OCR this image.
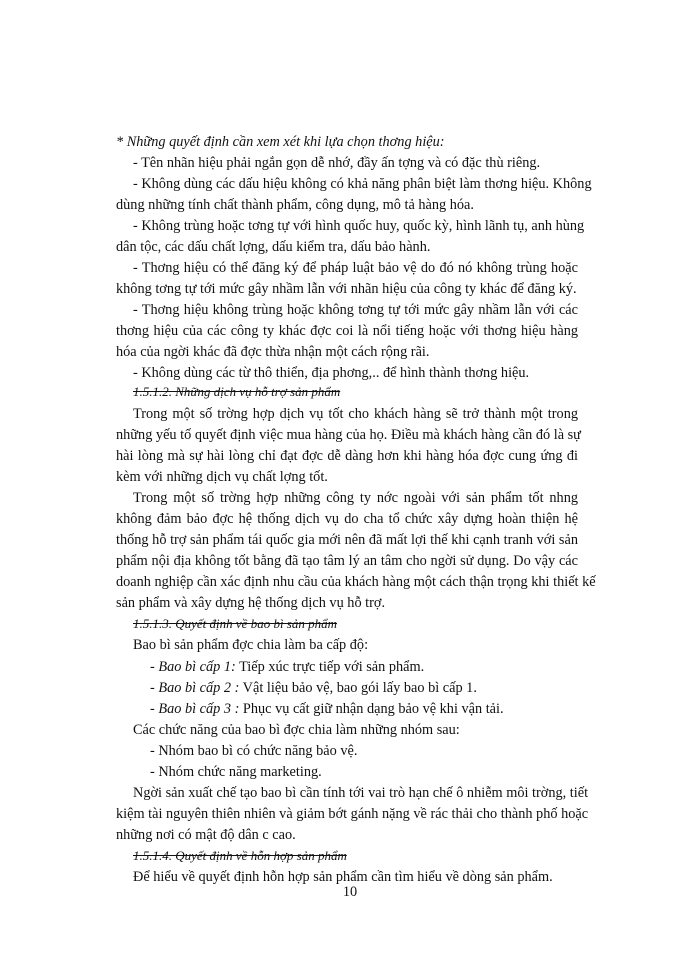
* Những quyết định cần xem xét khi lựa chọn thơng hiệu:
- Tên nhãn hiệu phải ngắn gọn dễ nhớ, đầy ấn tợng và có đặc thù riêng.
- Không dùng các dấu hiệu không có khả năng phân biệt làm thơng hiệu. Không
dùng những tính chất thành phẩm, công dụng, mô tả hàng hóa.
- Không trùng hoặc tơng tự với hình quốc huy, quốc kỳ, hình lãnh tụ, anh hùng
dân tộc, các dấu chất lợng, dấu kiểm tra, dấu bảo hành.
- Thơng hiệu có thể đăng ký để pháp luật bảo vệ do đó nó không trùng hoặc
không tơng tự tới mức gây nhầm lẫn với nhãn hiệu của công ty khác để đăng ký.
- Thơng hiệu không trùng hoặc không tơng tự tới mức gây nhầm lẫn với các
thơng hiệu của các công ty khác đợc coi là nổi tiếng hoặc với thơng hiệu hàng
hóa của ngời khác đã đợc thừa nhận một cách rộng rãi.
- Không dùng các từ thô thiển, địa phơng,.. để hình thành thơng hiệu.
1.5.1.2. Những dịch vụ hỗ trợ sản phẩm
Trong một số trờng hợp dịch vụ tốt cho khách hàng sẽ trở thành một trong
những yếu tố quyết định việc mua hàng của họ. Điều mà khách hàng cần đó là sự
hài lòng mà sự hài lòng chỉ đạt đợc dễ dàng hơn khi hàng hóa đợc cung ứng đi
kèm với những dịch vụ chất lợng tốt.
Trong một số trờng hợp những công ty nớc ngoài với sản phẩm tốt nhng
không đảm bảo đợc hệ thống dịch vụ do cha tổ chức xây dựng hoàn thiện hệ
thống hỗ trợ sản phẩm tái quốc gia mới nên đã mất lợi thế khi cạnh tranh với sản
phẩm nội địa không tốt bằng đã tạo tâm lý an tâm cho ngời sử dụng. Do vậy các
doanh nghiệp cần xác định nhu cầu của khách hàng một cách thận trọng khi thiết kế
sản phẩm và xây dựng hệ thống dịch vụ hỗ trợ.
1.5.1.3. Quyết định về bao bì sản phẩm
Bao bì sản phẩm đợc chia làm ba cấp độ:
- Bao bì cấp 1: Tiếp xúc trực tiếp với sản phẩm.
- Bao bì cấp 2 : Vật liệu bảo vệ, bao gói lấy bao bì cấp 1.
- Bao bì cấp 3 : Phục vụ cất giữ nhận dạng bảo vệ khi vận tải.
Các chức năng của bao bì đợc chia làm những nhóm sau:
- Nhóm bao bì có chức năng bảo vệ.
- Nhóm chức năng marketing.
Ngời sản xuất chế tạo bao bì cần tính tới vai trò hạn chế ô nhiễm môi trờng, tiết
kiệm tài nguyên thiên nhiên và giảm bớt gánh nặng về rác thải cho thành phố hoặc
những nơi có mật độ dân c cao.
1.5.1.4. Quyết định về hỗn hợp sản phẩm
Để hiểu về quyết định hỗn hợp sản phẩm cần tìm hiểu về dòng sản phẩm.
10
